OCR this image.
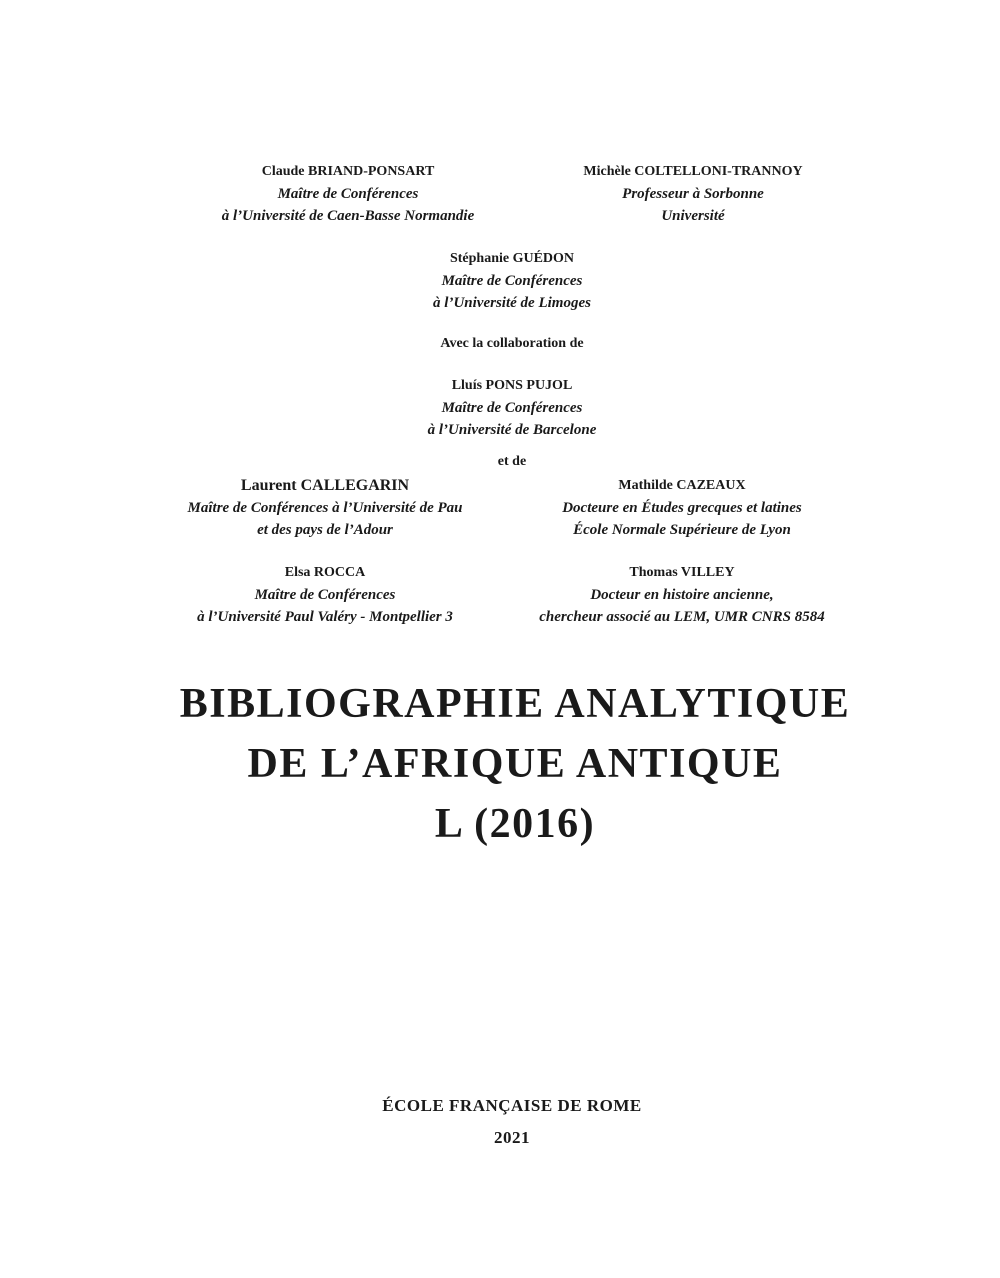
Claude BRIAND-PONSART
Maître de Conférences
à l’Université de Caen-Basse Normandie
Michèle COLTELLONI-TRANNOY
Professeur à Sorbonne
Université
Stéphanie GUÉDON
Maître de Conférences
à l’Université de Limoges
Avec la collaboration de
Lluís PONS PUJOL
Maître de Conférences
à l’Université de Barcelone
et de
Laurent CALLEGARIN
Maître de Conférences à l’Université de Pau
et des pays de l’Adour
Mathilde CAZEAUX
Docteure en Études grecques et latines
École Normale Supérieure de Lyon
Elsa ROCCA
Maître de Conférences
à l’Université Paul Valéry - Montpellier 3
Thomas VILLEY
Docteur en histoire ancienne,
chercheur associé au LEM, UMR CNRS 8584
BIBLIOGRAPHIE ANALYTIQUE
DE L’AFRIQUE ANTIQUE
L (2016)
ÉCOLE FRANÇAISE DE ROME
2021
